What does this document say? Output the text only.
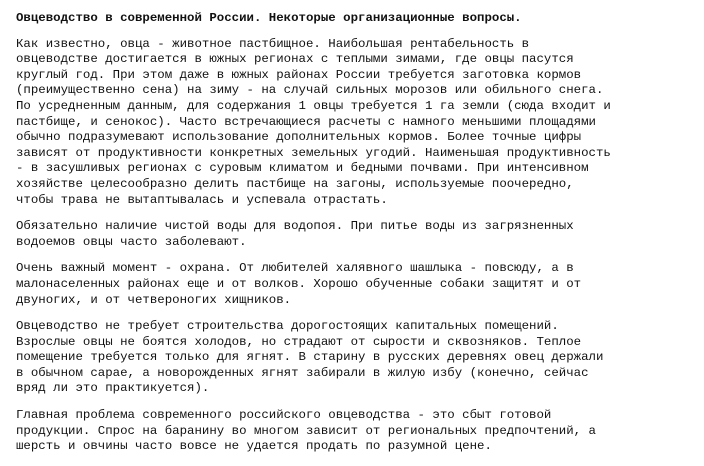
Овцеводство в современной России. Некоторые организационные вопросы.
Как известно, овца - животное пастбищное. Наибольшая рентабельность в
овцеводстве достигается в южных регионах с теплыми зимами, где овцы пасутся
круглый год. При этом даже в южных районах России требуется заготовка кормов
(преимущественно сена) на зиму - на случай сильных морозов или обильного снега.
По усредненным данным, для содержания 1 овцы требуется 1 га земли (сюда входит и
пастбище, и сенокос). Часто встречающиеся расчеты с намного меньшими площадями
обычно подразумевают использование дополнительных кормов. Более точные цифры
зависят от продуктивности конкретных земельных угодий. Наименьшая продуктивность
- в засушливых регионах с суровым климатом и бедными почвами. При интенсивном
хозяйстве целесообразно делить пастбище на загоны, используемые поочередно,
чтобы трава не вытаптывалась и успевала отрастать.
Обязательно наличие чистой воды для водопоя. При питье воды из загрязненных
водоемов овцы часто заболевают.
Очень важный момент - охрана. От любителей халявного шашлыка - повсюду, а в
малонаселенных районах еще и от волков. Хорошо обученные собаки защитят и от
двуногих, и от четвероногих хищников.
Овцеводство не требует строительства дорогостоящих капитальных помещений.
Взрослые овцы не боятся холодов, но страдают от сырости и сквозняков. Теплое
помещение требуется только для ягнят. В старину в русских деревнях овец держали
в обычном сарае, а новорожденных ягнят забирали в жилую избу (конечно, сейчас
вряд ли это практикуется).
Главная проблема современного российского овцеводства - это сбыт готовой
продукции. Спрос на баранину во многом зависит от региональных предпочтений, а
шерсть и овчины часто вовсе не удается продать по разумной цене.
